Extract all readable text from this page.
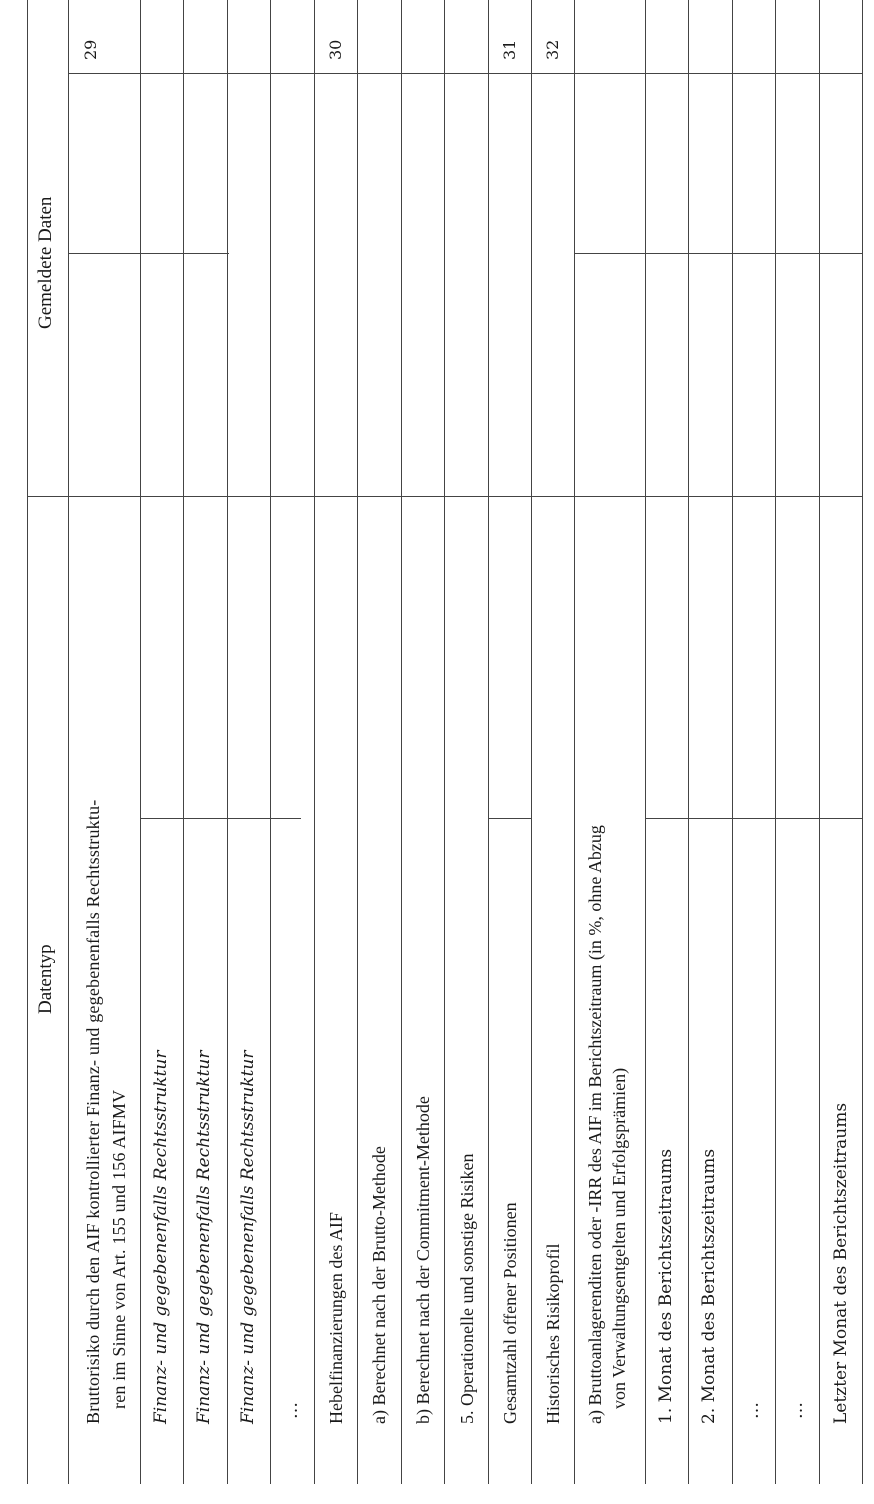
Datentyp
Gemeldete Daten
29	30	31 32
Bruttorisiko durch den AIF kontrollierter Finanz- und gegebenenfalls Rechtsstruktu- ren im Sinne von Art. 155 und 156 AIFMV Finanz- und gegebenenfalls Rechtsstruktur Finanz- und gegebenenfalls Rechtsstruktur Finanz- und gegebenenfalls Rechtsstruktur … Hebelfinanzierungen des AIF a) Berechnet nach der Brutto-Methode b) Berechnet nach der Commitment-Methode 5. Operationelle und sonstige Risiken Gesamtzahl offener Positionen Historisches Risikoprofil a) Bruttoanlagerenditen oder -IRR des AIF im Berichtszeitraum (in %, ohne Abzug von Verwaltungsentgelten und Erfolgsprämien) 1. Monat des Berichtszeitraums 2. Monat des Berichtszeitraums … … Letzter Monat des Berichtszeitraums
